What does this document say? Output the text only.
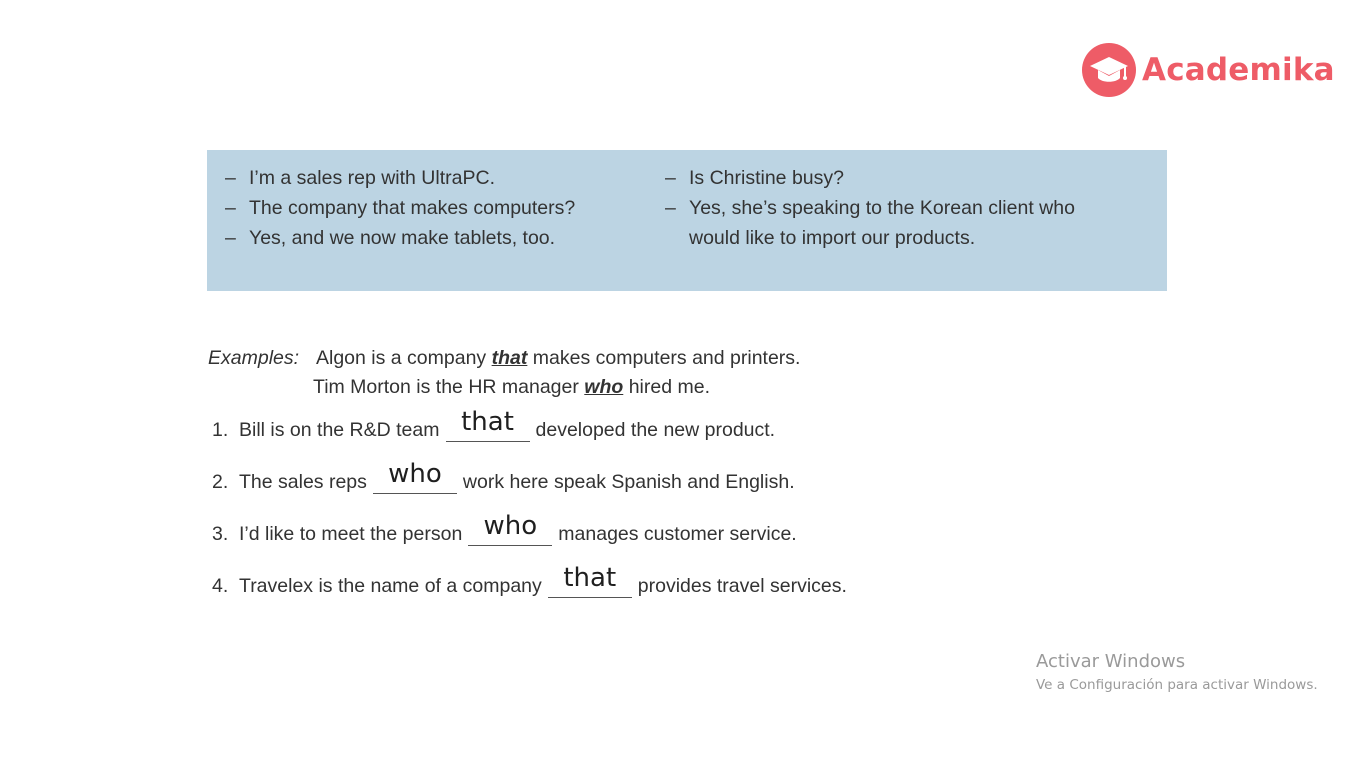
Academika
– I’m a sales rep with UltraPC.
– The company that makes computers?
– Yes, and we now make tablets, too.
– Is Christine busy?
– Yes, she’s speaking to the Korean client who
would like to import our products.
Examples: Algon is a company that makes computers and printers.
Tim Morton is the HR manager who hired me.
1. Bill is on the R&D team that	developed the new product.
2. The sales reps who	work here speak Spanish and English.
3. I’d like to meet the person who	manages customer service.
4. Travelex is the name of a company that	provides travel services.
Activar Windows
Ve a Configuración para activar Windows.
